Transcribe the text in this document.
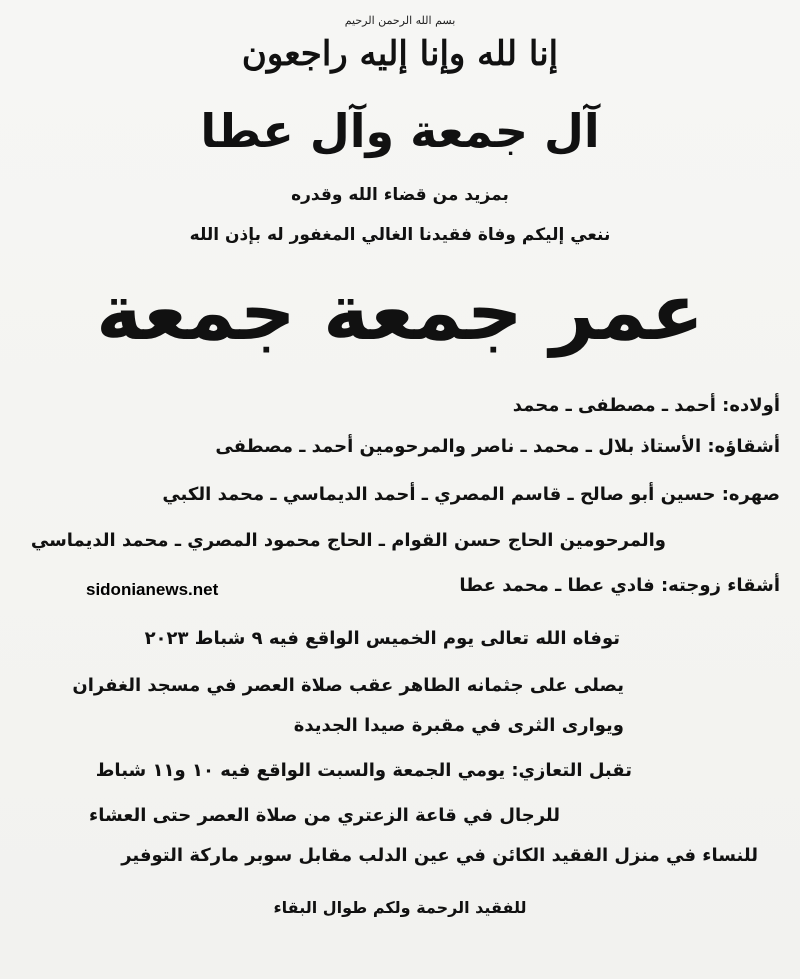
بسم الله الرحمن الرحيم
إنا لله وإنا إليه راجعون
آل جمعة وآل عطا
بمزيد من قضاء الله وقدره
ننعي إليكم وفاة فقيدنا الغالي المغفور له بإذن الله
عمر جمعة جمعة
أولاده: أحمد ـ مصطفى ـ محمد
أشقاؤه: الأستاذ بلال ـ محمد ـ ناصر والمرحومين أحمد ـ مصطفى
صهره: حسين أبو صالح ـ قاسم المصري ـ أحمد الديماسي ـ محمد الكبي
والمرحومين الحاج حسن القوام ـ الحاج محمود المصري ـ محمد الديماسي
أشقاء زوجته: فادي عطا ـ محمد عطا
sidonianews.net
توفاه الله تعالى يوم الخميس الواقع فيه ٩ شباط ٢٠٢٣
يصلى على جثمانه الطاهر عقب صلاة العصر في مسجد الغفران
ويوارى الثرى في مقبرة صيدا الجديدة
تقبل التعازي: يومي الجمعة والسبت الواقع فيه ١٠ و١١ شباط
للرجال في قاعة الزعتري من صلاة العصر حتى العشاء
للنساء في منزل الفقيد الكائن في عين الدلب مقابل سوبر ماركة التوفير
للفقيد الرحمة ولكم طوال البقاء
